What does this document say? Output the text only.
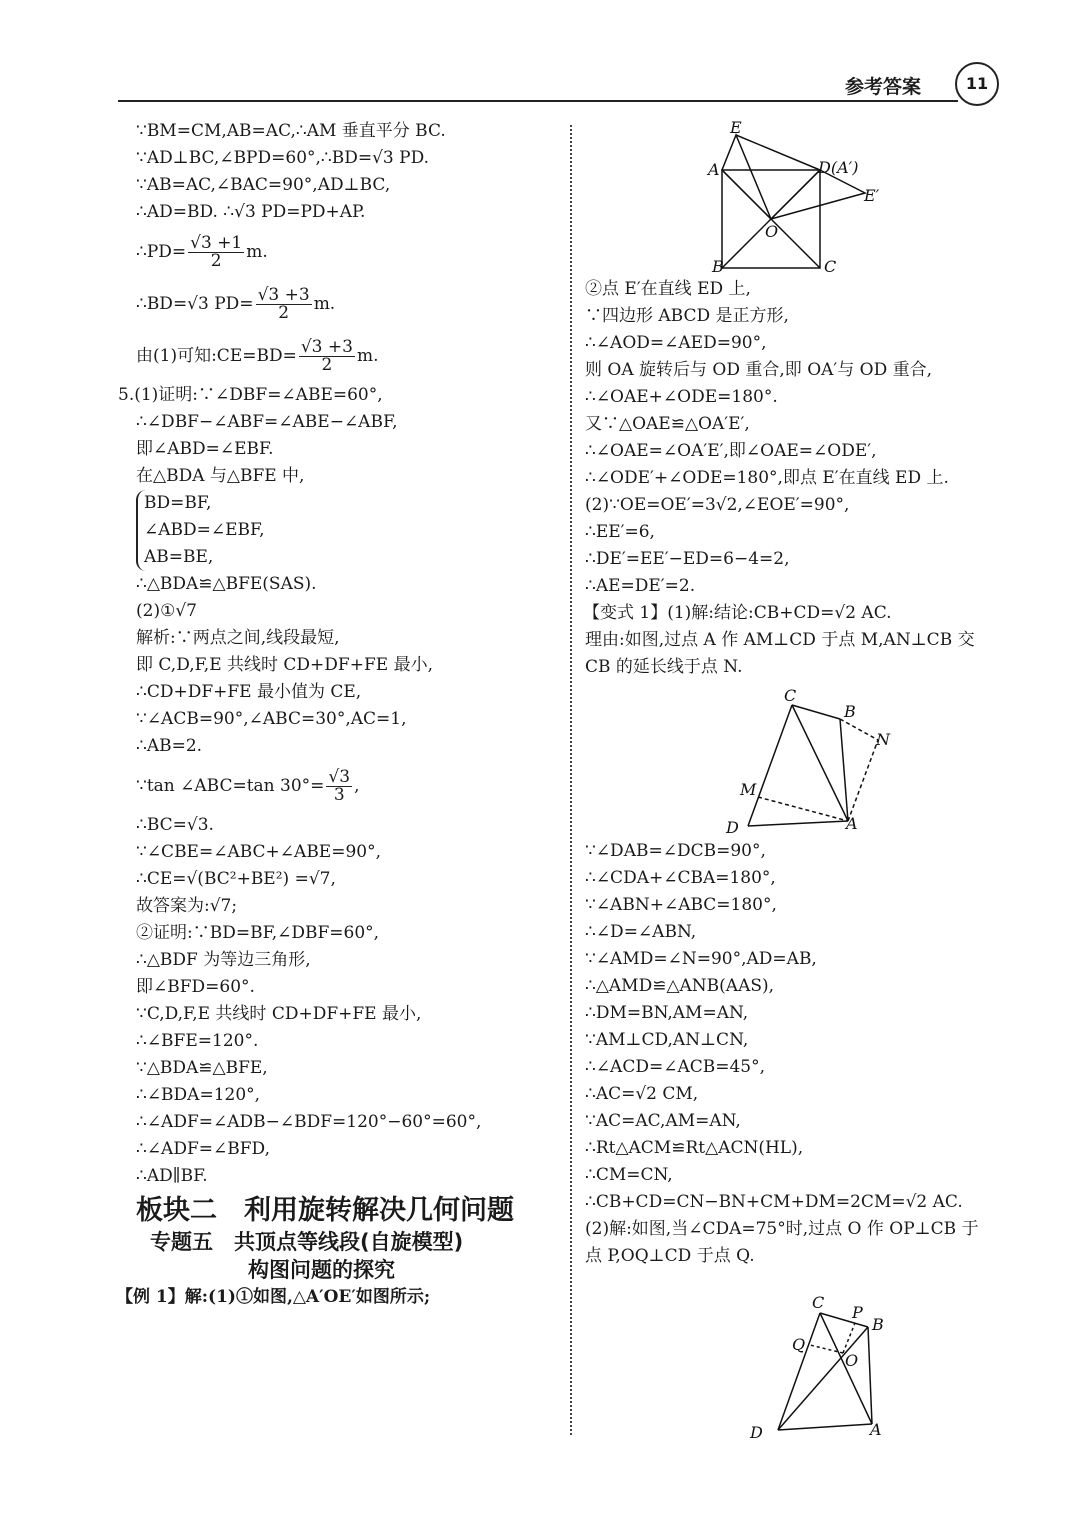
参考答案	11
∵BM=CM,AB=AC,∴AM 垂直平分 BC.
∵AD⊥BC,∠BPD=60°,∴BD=√3 PD.
∵AB=AC,∠BAC=90°,AD⊥BC,
∴AD=BD. ∴√3 PD=PD+AP.
∴PD= $\frac{√3 +1}{2} m$.
∴BD=√3 $PD= \frac{√3 +3}{2} m$.
由(1)可知:CE=BD= $\frac{√3 +3}{2} m$.
5.(1)证明:∵∠DBF=∠ABE=60°,
∴∠DBF−∠ABF=∠ABE−∠ABF,
即∠ABD=∠EBF.
在△BDA 与△BFE 中,
BD=BF,
∠ABD=∠EBF,
AB=BE,
∴△BDA≌△BFE(SAS).
(2)①√7
解析:∵两点之间,线段最短,
即 C,D,F,E 共线时 CD+DF+FE 最小,
∴CD+DF+FE 最小值为 CE,
∵∠ACB=90°,∠ABC=30°,AC=1,
∴AB=2.
∵tan ∠ABC=tan $30^\circ= \frac{√3}{3}$ ,
∴BC=√3.
∵∠CBE=∠ABC+∠ABE=90°,
∴CE=√(BC²+BE²) =√7,
故答案为:√7;
②证明:∵BD=BF,∠DBF=60°,
∴△BDF 为等边三角形,
即∠BFD=60°.
∵C,D,F,E 共线时 CD+DF+FE 最小,
∴∠BFE=120°.
∵△BDA≌△BFE,
∴∠BDA=120°,
∴∠ADF=∠ADB−∠BDF=120°−60°=60°,
∴∠ADF=∠BFD,
∴AD∥BF.
板块二　利用旋转解决几何问题
专题五　共顶点等线段(自旋模型)
构图问题的探究
【例 1】解:(1)①如图,△A′OE′如图所示;
E
A	D(A′)
E′
O
B	C
C
B
N
M
D	A
C
P
B
Q
O
D	A
②点 E′在直线 ED 上,
∵四边形 ABCD 是正方形,
∴∠AOD=∠AED=90°,
则 OA 旋转后与 OD 重合,即 OA′与 OD 重合,
∴∠OAE+∠ODE=180°.
又∵△OAE≌△OA′E′,
∴∠OAE=∠OA′E′,即∠OAE=∠ODE′,
∴∠ODE′+∠ODE=180°,即点 E′在直线 ED 上.
(2)∵OE=OE′=3√2,∠EOE′=90°,
∴EE′=6,
∴DE′=EE′−ED=6−4=2,
∴AE=DE′=2.
【变式 1】(1)解:结论:CB+CD=√2 AC.
理由:如图,过点 A 作 AM⊥CD 于点 M,AN⊥CB 交
CB 的延长线于点 N.
∵∠DAB=∠DCB=90°,
∴∠CDA+∠CBA=180°,
∵∠ABN+∠ABC=180°,
∴∠D=∠ABN,
∵∠AMD=∠N=90°,AD=AB,
∴△AMD≌△ANB(AAS),
∴DM=BN,AM=AN,
∵AM⊥CD,AN⊥CN,
∴∠ACD=∠ACB=45°,
∴AC=√2 CM,
∵AC=AC,AM=AN,
∴Rt△ACM≌Rt△ACN(HL),
∴CM=CN,
∴CB+CD=CN−BN+CM+DM=2CM=√2 AC.
(2)解:如图,当∠CDA=75°时,过点 O 作 OP⊥CB 于
点 P,OQ⊥CD 于点 Q.
